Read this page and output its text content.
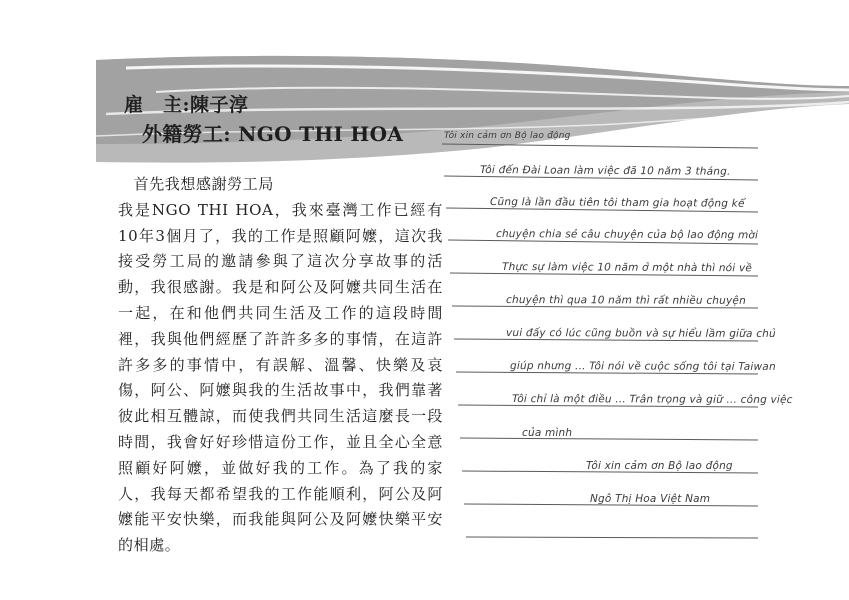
雇　主:陳子淳
外籍勞工: NGO THI HOA
　首先我想感謝勞工局
我是NGO THI HOA，我來臺灣工作已經有10年3個月了，我的工作是照顧阿嬤，這次我接受勞工局的邀請參與了這次分享故事的活動，我很感謝。我是和阿公及阿嬤共同生活在一起，在和他們共同生活及工作的這段時間裡，我與他們經歷了許許多多的事情，在這許許多多的事情中，有誤解、溫馨、快樂及哀傷，阿公、阿嬤與我的生活故事中，我們靠著彼此相互體諒，而使我們共同生活這麼長一段時間，我會好好珍惜這份工作，並且全心全意照顧好阿嬤，並做好我的工作。為了我的家人，我每天都希望我的工作能順利，阿公及阿嬤能平安快樂，而我能與阿公及阿嬤快樂平安的相處。
Tôi xin cảm ơn Bộ lao động
Tôi đến Đài Loan làm việc đã 10 năm 3 tháng.
Cũng là lần đầu tiên tôi tham gia hoạt động kể
chuyện chia sẻ câu chuyện của bộ lao động mời
Thực sự làm việc 10 năm ở một nhà thì nói về
chuyện thì qua 10 năm thì rất nhiều chuyện
vui đấy có lúc cũng buồn và sự hiểu lầm giữa chủ
giúp nhưng ... Tôi nói về cuộc sống tôi tại Taiwan
Tôi chỉ là một điều ... Trân trọng và giữ ... công việc
của mình
Tôi xin cảm ơn Bộ lao động
Ngô Thị Hoa Việt Nam
